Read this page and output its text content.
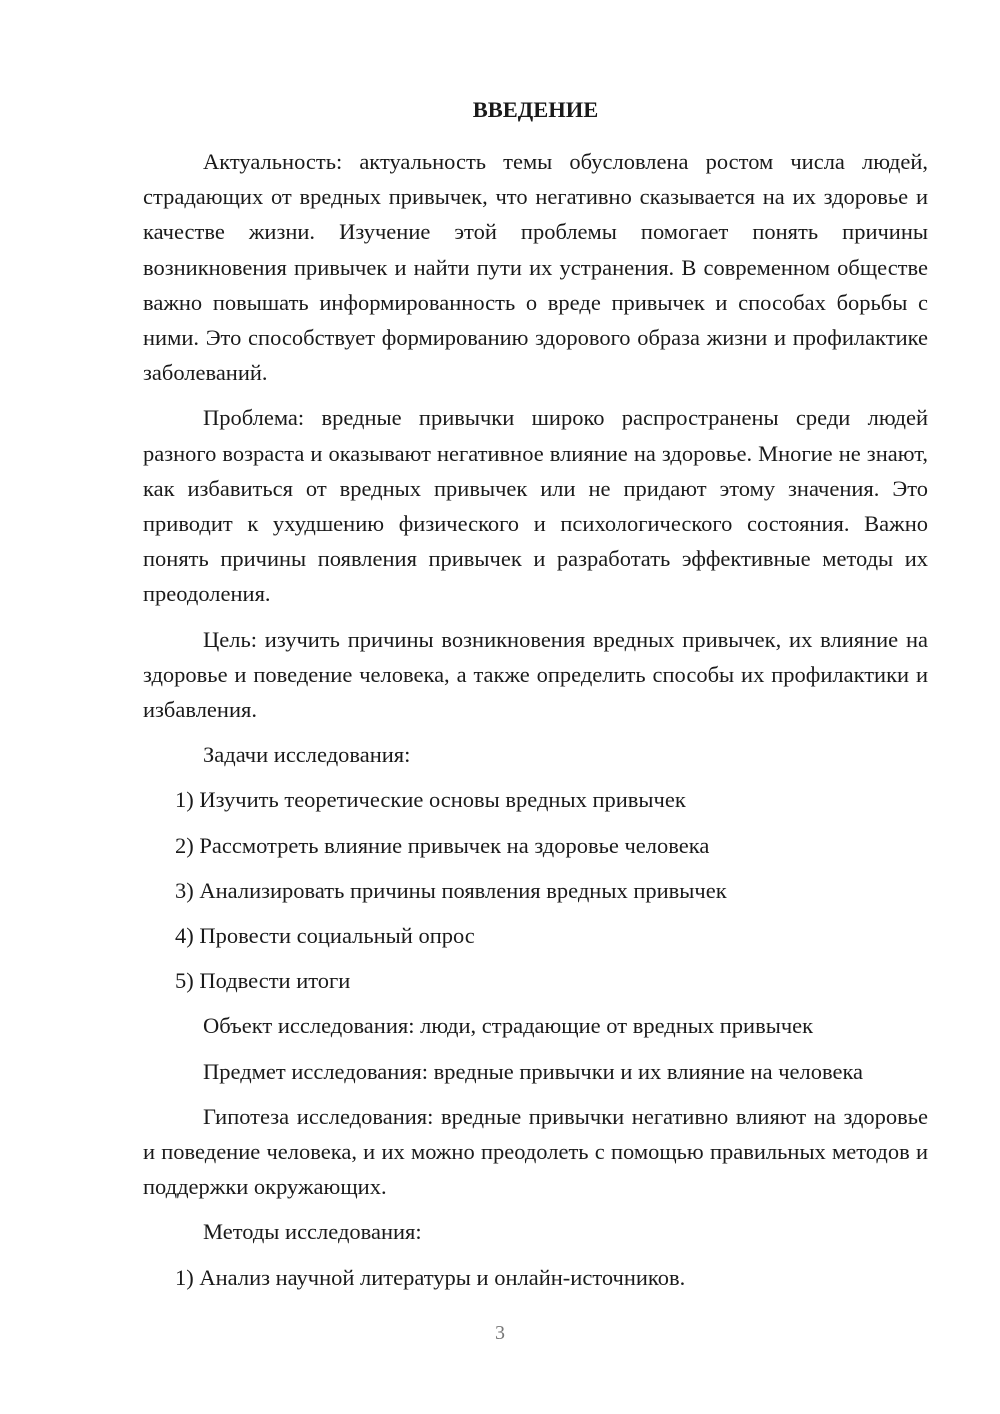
ВВЕДЕНИЕ

Актуальность: актуальность темы обусловлена ростом числа людей, страдающих от вредных привычек, что негативно сказывается на их здоровье и качестве жизни. Изучение этой проблемы помогает понять причины возникновения привычек и найти пути их устранения. В современном обществе важно повышать информированность о вреде привычек и способах борьбы с ними. Это способствует формированию здорового образа жизни и профилактике заболеваний.

Проблема: вредные привычки широко распространены среди людей разного возраста и оказывают негативное влияние на здоровье. Многие не знают, как избавиться от вредных привычек или не придают этому значения. Это приводит к ухудшению физического и психологического состояния. Важно понять причины появления привычек и разработать эффективные методы их преодоления.

Цель: изучить причины возникновения вредных привычек, их влияние на здоровье и поведение человека, а также определить способы их профилактики и избавления.

Задачи исследования:

1) Изучить теоретические основы вредных привычек

2) Рассмотреть влияние привычек на здоровье человека

3) Анализировать причины появления вредных привычек

4) Провести социальный опрос

5) Подвести итоги

Объект исследования: люди, страдающие от вредных привычек

Предмет исследования: вредные привычки и их влияние на человека

Гипотеза исследования: вредные привычки негативно влияют на здоровье и поведение человека, и их можно преодолеть с помощью правильных методов и поддержки окружающих.

Методы исследования:

1) Анализ научной литературы и онлайн-источников.

3
